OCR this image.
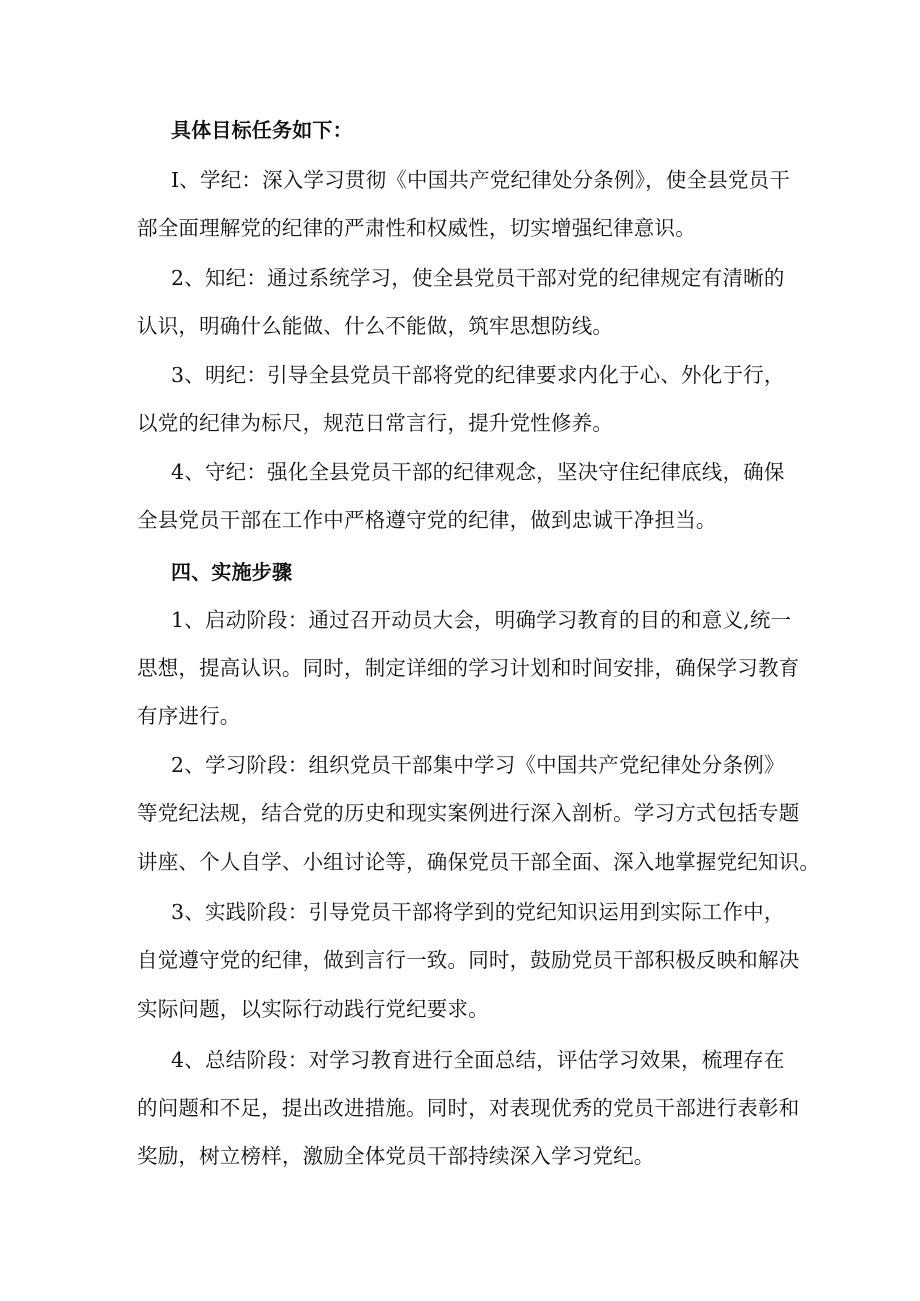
具体目标任务如下：
I、学纪：深入学习贯彻《中国共产党纪律处分条例》，使全县党员干
部全面理解党的纪律的严肃性和权威性，切实增强纪律意识。
2、知纪：通过系统学习，使全县党员干部对党的纪律规定有清晰的
认识，明确什么能做、什么不能做，筑牢思想防线。
3、明纪：引导全县党员干部将党的纪律要求内化于心、外化于行，
以党的纪律为标尺，规范日常言行，提升党性修养。
4、守纪：强化全县党员干部的纪律观念，坚决守住纪律底线，确保
全县党员干部在工作中严格遵守党的纪律，做到忠诚干净担当。
四、实施步骤
1、启动阶段：通过召开动员大会，明确学习教育的目的和意义,统一
思想，提高认识。同时，制定详细的学习计划和时间安排，确保学习教育
有序进行。
2、学习阶段：组织党员干部集中学习《中国共产党纪律处分条例》
等党纪法规，结合党的历史和现实案例进行深入剖析。学习方式包括专题
讲座、个人自学、小组讨论等，确保党员干部全面、深入地掌握党纪知识。
3、实践阶段：引导党员干部将学到的党纪知识运用到实际工作中，
自觉遵守党的纪律，做到言行一致。同时，鼓励党员干部积极反映和解决
实际问题，以实际行动践行党纪要求。
4、总结阶段：对学习教育进行全面总结，评估学习效果，梳理存在
的问题和不足，提出改进措施。同时，对表现优秀的党员干部进行表彰和
奖励，树立榜样，激励全体党员干部持续深入学习党纪。
